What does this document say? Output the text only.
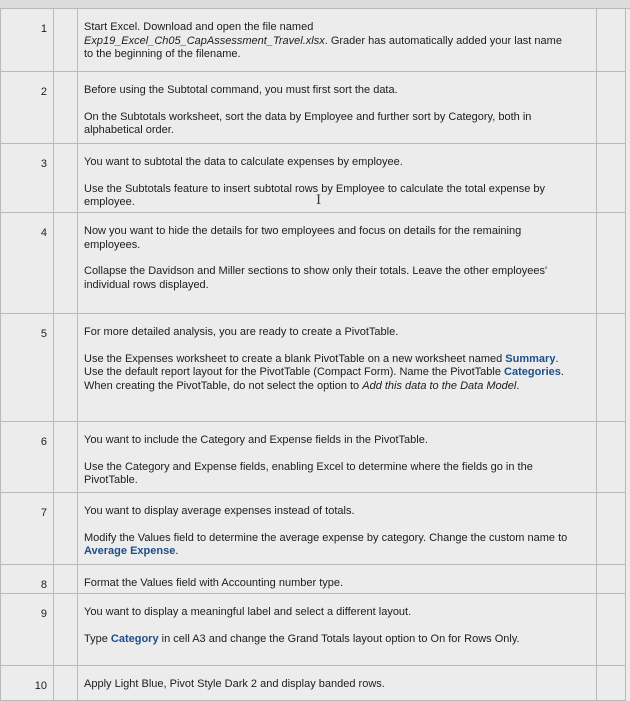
1		Start Excel. Download and open the file named
Exp19_Excel_Ch05_CapAssessment_Travel.xlsx. Grader has automatically added your last name to the beginning of the filename.	

2		Before using the Subtotal command, you must first sort the data.

On the Subtotals worksheet, sort the data by Employee and further sort by Category, both in alphabetical order.	

3		You want to subtotal the data to calculate expenses by employee.

Use the Subtotals feature to insert subtotal rows by Employee to calculate the total expense by employee.	

4		Now you want to hide the details for two employees and focus on details for the remaining employees.

Collapse the Davidson and Miller sections to show only their totals. Leave the other employees' individual rows displayed.	

5		For more detailed analysis, you are ready to create a PivotTable.

Use the Expenses worksheet to create a blank PivotTable on a new worksheet named Summary. Use the default report layout for the PivotTable (Compact Form). Name the PivotTable Categories. When creating the PivotTable, do not select the option to Add this data to the Data Model.	

6		You want to include the Category and Expense fields in the PivotTable.

Use the Category and Expense fields, enabling Excel to determine where the fields go in the PivotTable.	

7		You want to display average expenses instead of totals.

Modify the Values field to determine the average expense by category. Change the custom name to Average Expense.	

8		Format the Values field with Accounting number type.	

9		You want to display a meaningful label and select a different layout.

Type Category in cell A3 and change the Grand Totals layout option to On for Rows Only.	

10		Apply Light Blue, Pivot Style Dark 2 and display banded rows.	

I
